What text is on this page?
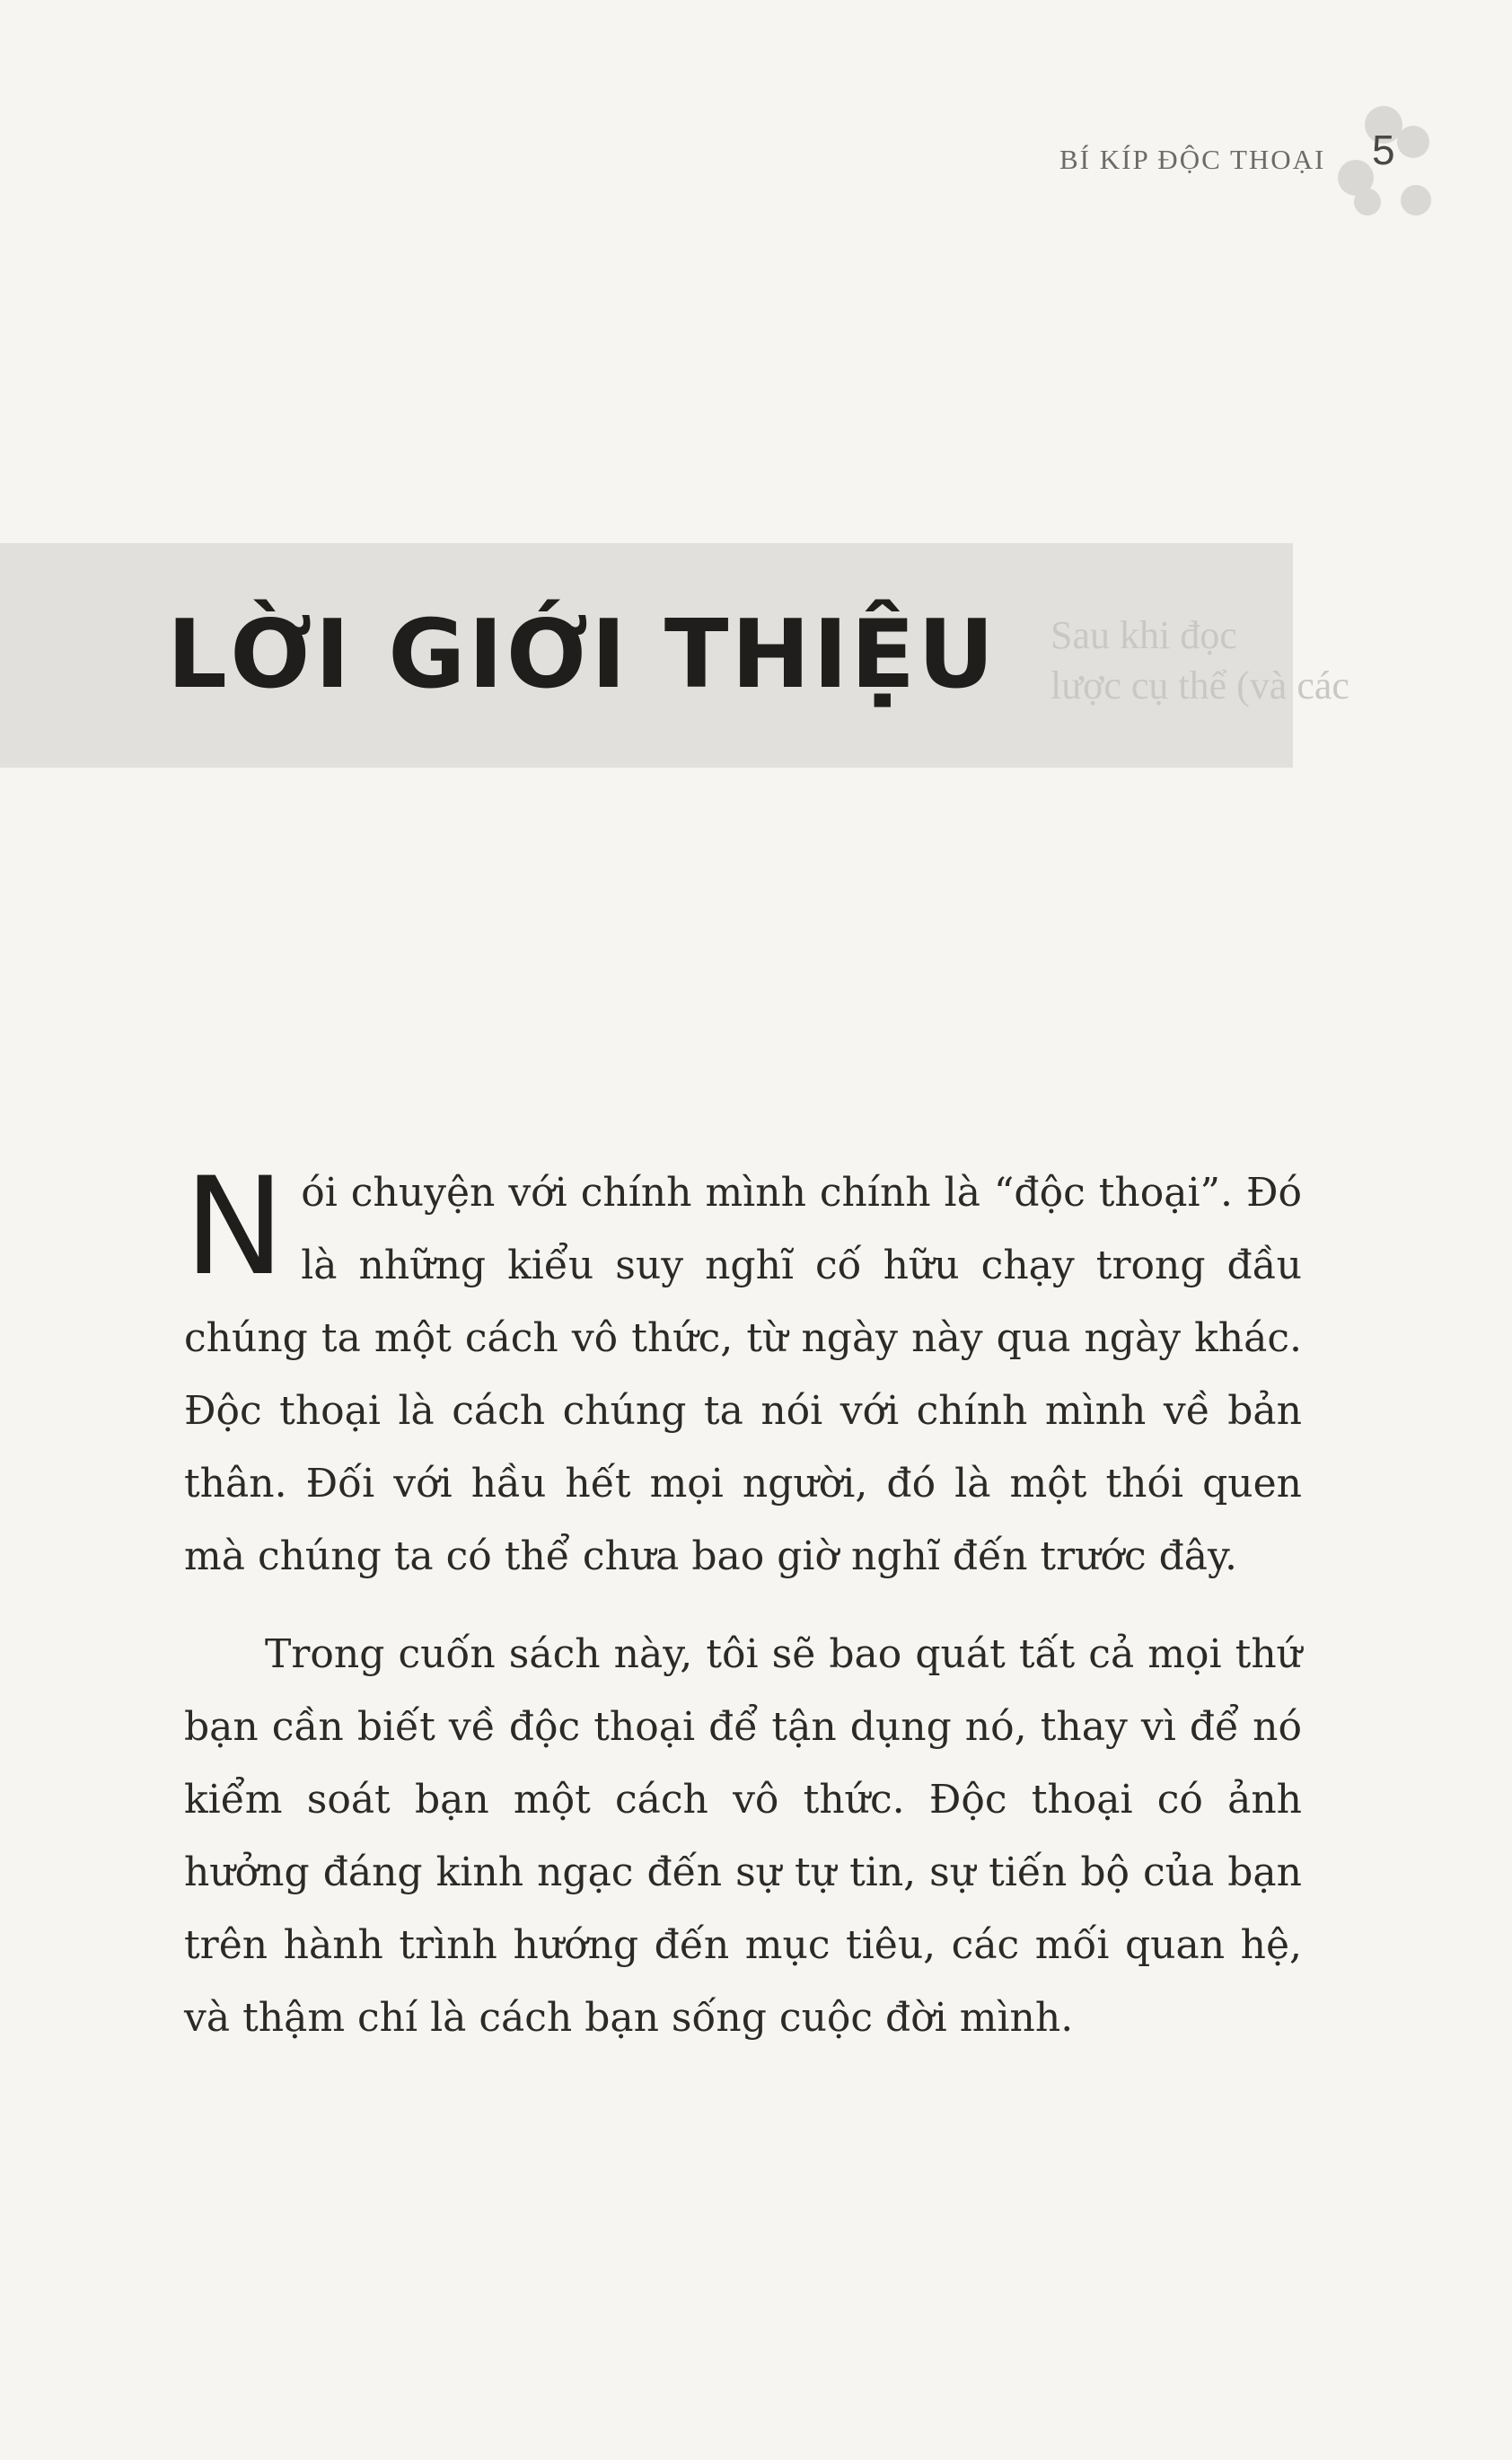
BÍ KÍP ĐỘC THOẠI 5
Sau khi đọc
lược cụ thể (và các
LỜI GIỚI THIỆU

Nói chuyện với chính mình chính là “độc thoại”. Đó là những kiểu suy nghĩ cố hữu chạy trong đầu chúng ta một cách vô thức, từ ngày này qua ngày khác. Độc thoại là cách chúng ta nói với chính mình về bản thân. Đối với hầu hết mọi người, đó là một thói quen mà chúng ta có thể chưa bao giờ nghĩ đến trước đây.

Trong cuốn sách này, tôi sẽ bao quát tất cả mọi thứ bạn cần biết về độc thoại để tận dụng nó, thay vì để nó kiểm soát bạn một cách vô thức. Độc thoại có ảnh hưởng đáng kinh ngạc đến sự tự tin, sự tiến bộ của bạn trên hành trình hướng đến mục tiêu, các mối quan hệ, và thậm chí là cách bạn sống cuộc đời mình.
